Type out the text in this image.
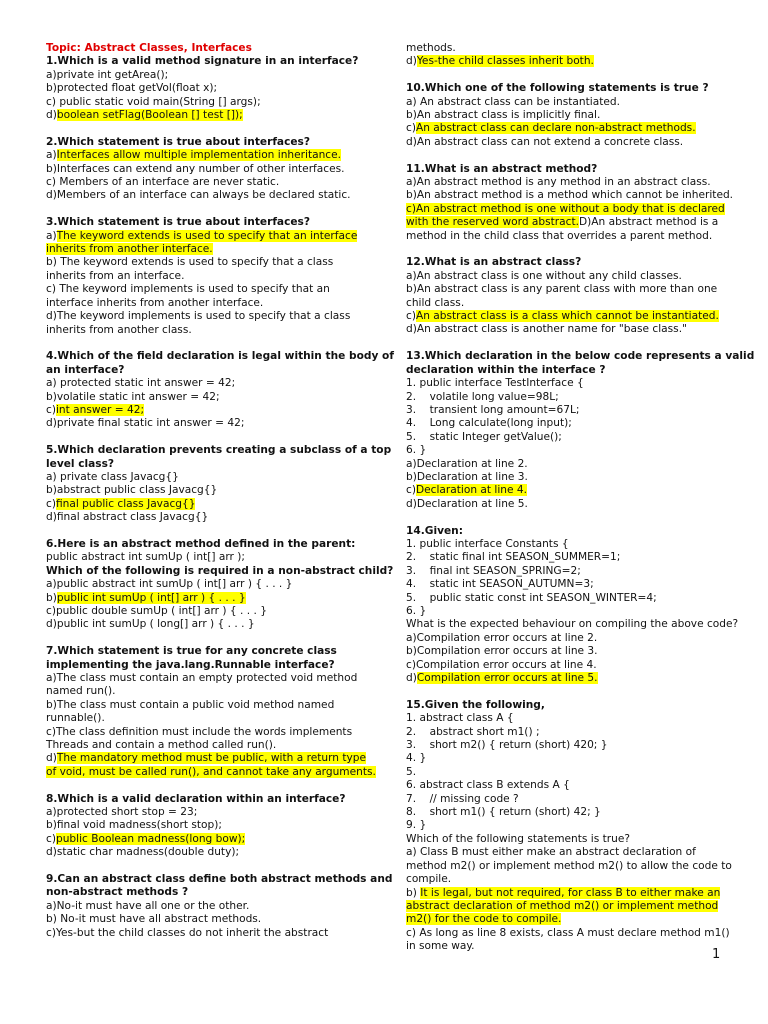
Topic: Abstract Classes, Interfaces
1.Which is a valid method signature in an interface?
a)private int getArea();
b)protected float getVol(float x);
c) public static void main(String [] args);
d)boolean setFlag(Boolean [] test []);
2.Which statement is true about interfaces?
a)Interfaces allow multiple implementation inheritance.
b)Interfaces can extend any number of other interfaces.
c) Members of an interface are never static.
d)Members of an interface can always be declared static.
3.Which statement is true about interfaces?
a)The keyword extends is used to specify that an interface
inherits from another interface.
b) The keyword extends is used to specify that a class
inherits from an interface.
c) The keyword implements is used to specify that an
interface inherits from another interface.
d)The keyword implements is used to specify that a class
inherits from another class.
4.Which of the field declaration is legal within the body of
an interface?
a) protected static int answer = 42;
b)volatile static int answer = 42;
c)int answer = 42;
d)private final static int answer = 42;
5.Which declaration prevents creating a subclass of a top
level class?
a) private class Javacg{}
b)abstract public class Javacg{}
c)final public class Javacg{}
d)final abstract class Javacg{}
6.Here is an abstract method defined in the parent:
public abstract int sumUp ( int[] arr );
Which of the following is required in a non-abstract child?
a)public abstract int sumUp ( int[] arr ) { . . . }
b)public int sumUp ( int[] arr ) { . . . }
c)public double sumUp ( int[] arr ) { . . . }
d)public int sumUp ( long[] arr ) { . . . }
7.Which statement is true for any concrete class
implementing the java.lang.Runnable interface?
a)The class must contain an empty protected void method
named run().
b)The class must contain a public void method named
runnable().
c)The class definition must include the words implements
Threads and contain a method called run().
d)The mandatory method must be public, with a return type
of void, must be called run(), and cannot take any arguments.
8.Which is a valid declaration within an interface?
a)protected short stop = 23;
b)final void madness(short stop);
c)public Boolean madness(long bow);
d)static char madness(double duty);
9.Can an abstract class define both abstract methods and
non-abstract methods ?
a)No-it must have all one or the other.
b) No-it must have all abstract methods.
c)Yes-but the child classes do not inherit the abstract
methods.
d)Yes-the child classes inherit both.
10.Which one of the following statements is true ?
a) An abstract class can be instantiated.
b)An abstract class is implicitly final.
c)An abstract class can declare non-abstract methods.
d)An abstract class can not extend a concrete class.
11.What is an abstract method?
a)An abstract method is any method in an abstract class.
b)An abstract method is a method which cannot be inherited.
c)An abstract method is one without a body that is declared
with the reserved word abstract.D)An abstract method is a
method in the child class that overrides a parent method.
12.What is an abstract class?
a)An abstract class is one without any child classes.
b)An abstract class is any parent class with more than one
child class.
c)An abstract class is a class which cannot be instantiated.
d)An abstract class is another name for "base class."
13.Which declaration in the below code represents a valid
declaration within the interface ?
1. public interface TestInterface {
2.    volatile long value=98L;
3.    transient long amount=67L;
4.    Long calculate(long input);
5.    static Integer getValue();
6. }
a)Declaration at line 2.
b)Declaration at line 3.
c)Declaration at line 4.
d)Declaration at line 5.
14.Given:
1. public interface Constants {
2.    static final int SEASON_SUMMER=1;
3.    final int SEASON_SPRING=2;
4.    static int SEASON_AUTUMN=3;
5.    public static const int SEASON_WINTER=4;
6. }
What is the expected behaviour on compiling the above code?
a)Compilation error occurs at line 2.
b)Compilation error occurs at line 3.
c)Compilation error occurs at line 4.
d)Compilation error occurs at line 5.
15.Given the following,
1. abstract class A {
2.    abstract short m1() ;
3.    short m2() { return (short) 420; }
4. }
5.
6. abstract class B extends A {
7.    // missing code ?
8.    short m1() { return (short) 42; }
9. }
Which of the following statements is true?
a) Class B must either make an abstract declaration of
method m2() or implement method m2() to allow the code to
compile.
b) It is legal, but not required, for class B to either make an
abstract declaration of method m2() or implement method
m2() for the code to compile.
c) As long as line 8 exists, class A must declare method m1()
in some way.
1
